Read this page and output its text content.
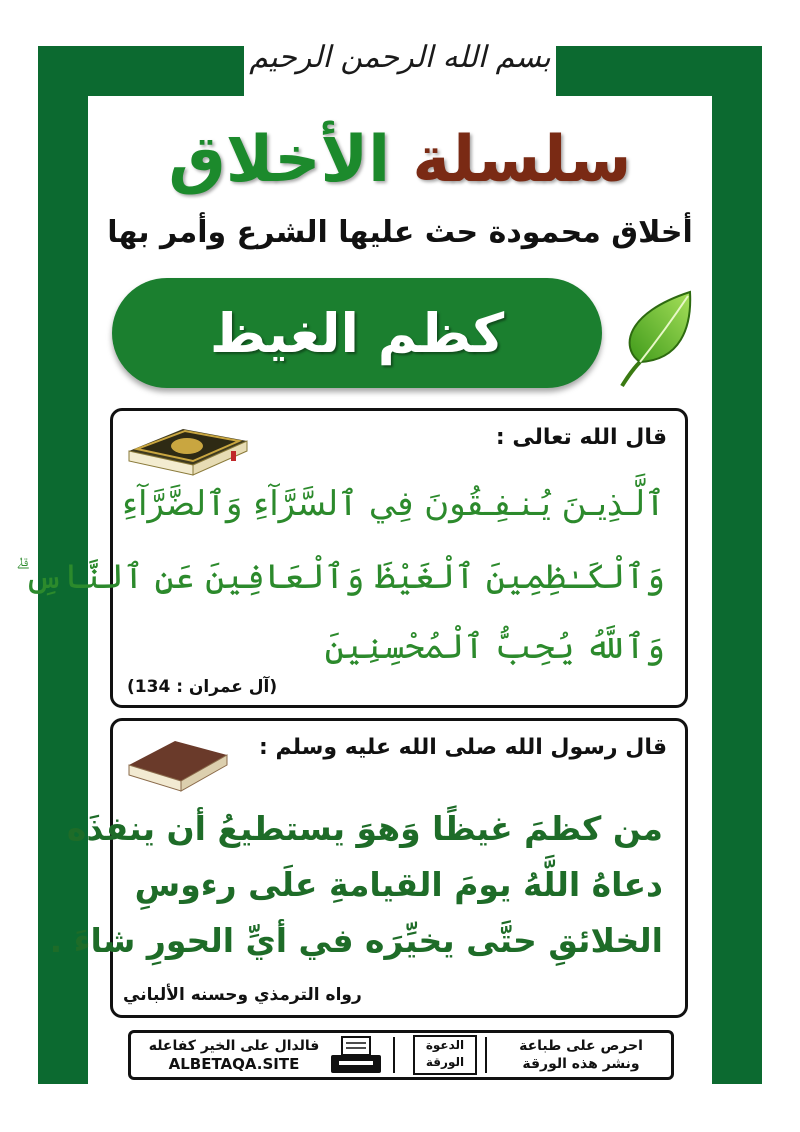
بسم الله الرحمن الرحيم
سلسلة الأخلاق
أخلاق محمودة حث عليها الشرع وأمر بها
كظم الغيظ
قال الله تعالى :
ٱلَّـذِيـنَ يُـنـفِـقُونَ فِي ٱلسَّرَّآءِ وَٱلضَّرَّآءِ
وَٱلْكَـٰظِمِينَ ٱلْغَيْظَ وَٱلْعَافِينَ عَنِ ٱلنَّاسِ ۗ
وَٱللَّهُ يُحِبُّ ٱلْمُحْسِنِينَ
(آل عمران : 134)
قال رسول الله صلى الله عليه وسلم :
من كظمَ غيظًا وَهوَ يستطيعُ أن ينفذَه
دعاهُ اللَّهُ يومَ القيامةِ علَى رءوسِ
الخلائقِ حتَّى يخيِّرَه في أيِّ الحورِ شاءَ .
رواه الترمذي وحسنه الألباني
فالدال على الخير كفاعله
ALBETAQA.SITE
الدعوة الورقة
احرص على طباعة
ونشر هذه الورقة
